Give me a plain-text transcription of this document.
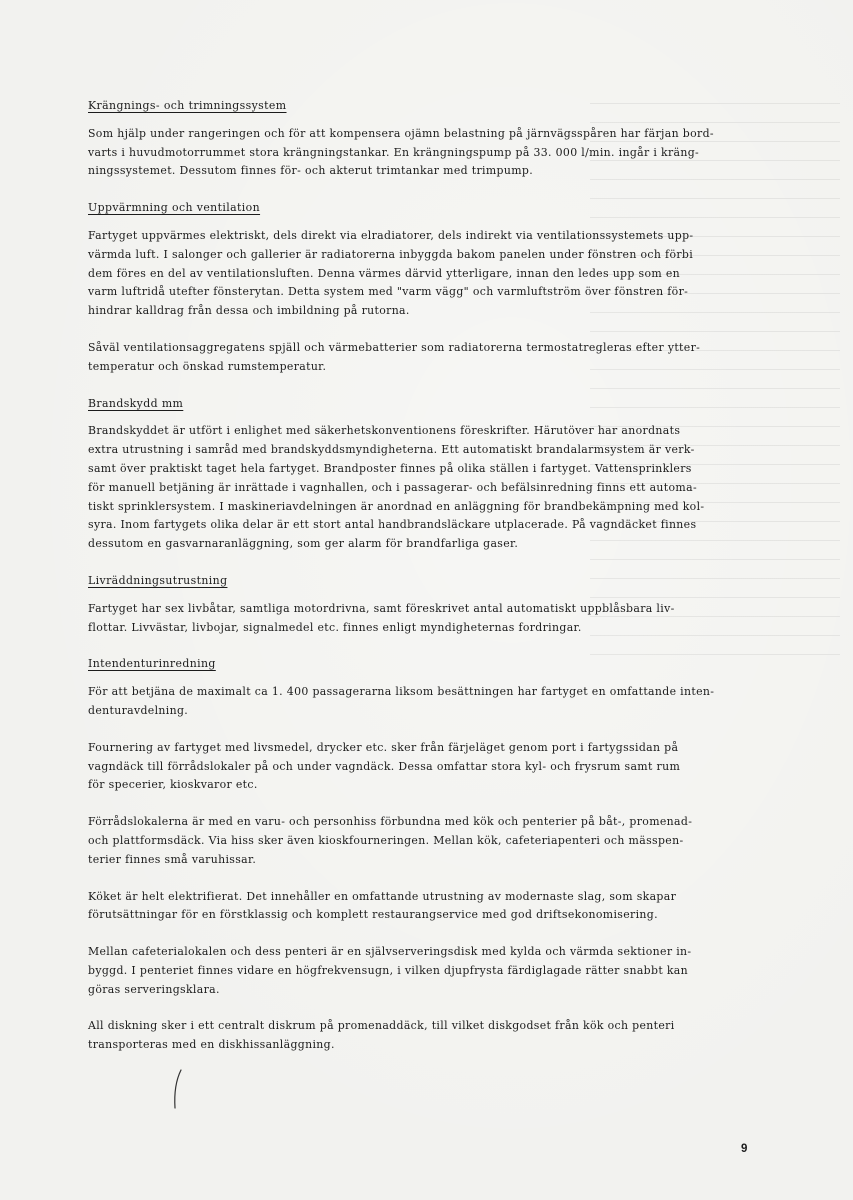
Krängnings- och trimningssystem

Som hjälp under rangeringen och för att kompensera ojämn belastning på järnvägsspåren har färjan bord-
varts i huvudmotorrummet stora krängningstankar. En krängningspump på 33. 000 l/min. ingår i kräng-
ningssystemet. Dessutom finnes för- och akterut trimtankar med trimpump.

Uppvärmning och ventilation

Fartyget uppvärmes elektriskt, dels direkt via elradiatorer, dels indirekt via ventilationssystemets upp-
värmda luft. I salonger och gallerier är radiatorerna inbyggda bakom panelen under fönstren och förbi
dem föres en del av ventilationsluften. Denna värmes därvid ytterligare, innan den ledes upp som en
varm luftridå utefter fönsterytan. Detta system med "varm vägg" och varmluftström över fönstren för-
hindrar kalldrag från dessa och imbildning på rutorna.

Såväl ventilationsaggregatens spjäll och värmebatterier som radiatorerna termostatregleras efter ytter-
temperatur och önskad rumstemperatur.

Brandskydd mm

Brandskyddet är utfört i enlighet med säkerhetskonventionens föreskrifter. Härutöver har anordnats
extra utrustning i samråd med brandskyddsmyndigheterna. Ett automatiskt brandalarmsystem är verk-
samt över praktiskt taget hela fartyget. Brandposter finnes på olika ställen i fartyget. Vattensprinklers
för manuell betjäning är inrättade i vagnhallen, och i passagerar- och befälsinredning finns ett automa-
tiskt sprinklersystem. I maskineriavdelningen är anordnad en anläggning för brandbekämpning med kol-
syra. Inom fartygets olika delar är ett stort antal handbrandsläckare utplacerade. På vagndäcket finnes
dessutom en gasvarnaranläggning, som ger alarm för brandfarliga gaser.

Livräddningsutrustning

Fartyget har sex livbåtar, samtliga motordrivna, samt föreskrivet antal automatiskt uppblåsbara liv-
flottar. Livvästar, livbojar, signalmedel etc. finnes enligt myndigheternas fordringar.

Intendenturinredning

För att betjäna de maximalt ca 1. 400 passagerarna liksom besättningen har fartyget en omfattande inten-
denturavdelning.

Fournering av fartyget med livsmedel, drycker etc. sker från färjeläget genom port i fartygssidan på
vagndäck till förrådslokaler på och under vagndäck. Dessa omfattar stora kyl- och frysrum samt rum
för specerier, kioskvaror etc.

Förrådslokalerna är med en varu- och personhiss förbundna med kök och penterier på båt-, promenad-
och plattformsdäck. Via hiss sker även kioskfourneringen. Mellan kök, cafeteriapenteri och mässpen-
terier finnes små varuhissar.

Köket är helt elektrifierat. Det innehåller en omfattande utrustning av modernaste slag, som skapar
förutsättningar för en förstklassig och komplett restaurangservice med god driftsekonomisering.

Mellan cafeterialokalen och dess penteri är en självserveringsdisk med kylda och värmda sektioner in-
byggd. I penteriet finnes vidare en högfrekvensugn, i vilken djupfrysta färdiglagade rätter snabbt kan
göras serveringsklara.

All diskning sker i ett centralt diskrum på promenaddäck, till vilket diskgodset från kök och penteri
transporteras med en diskhissanläggning.

9
